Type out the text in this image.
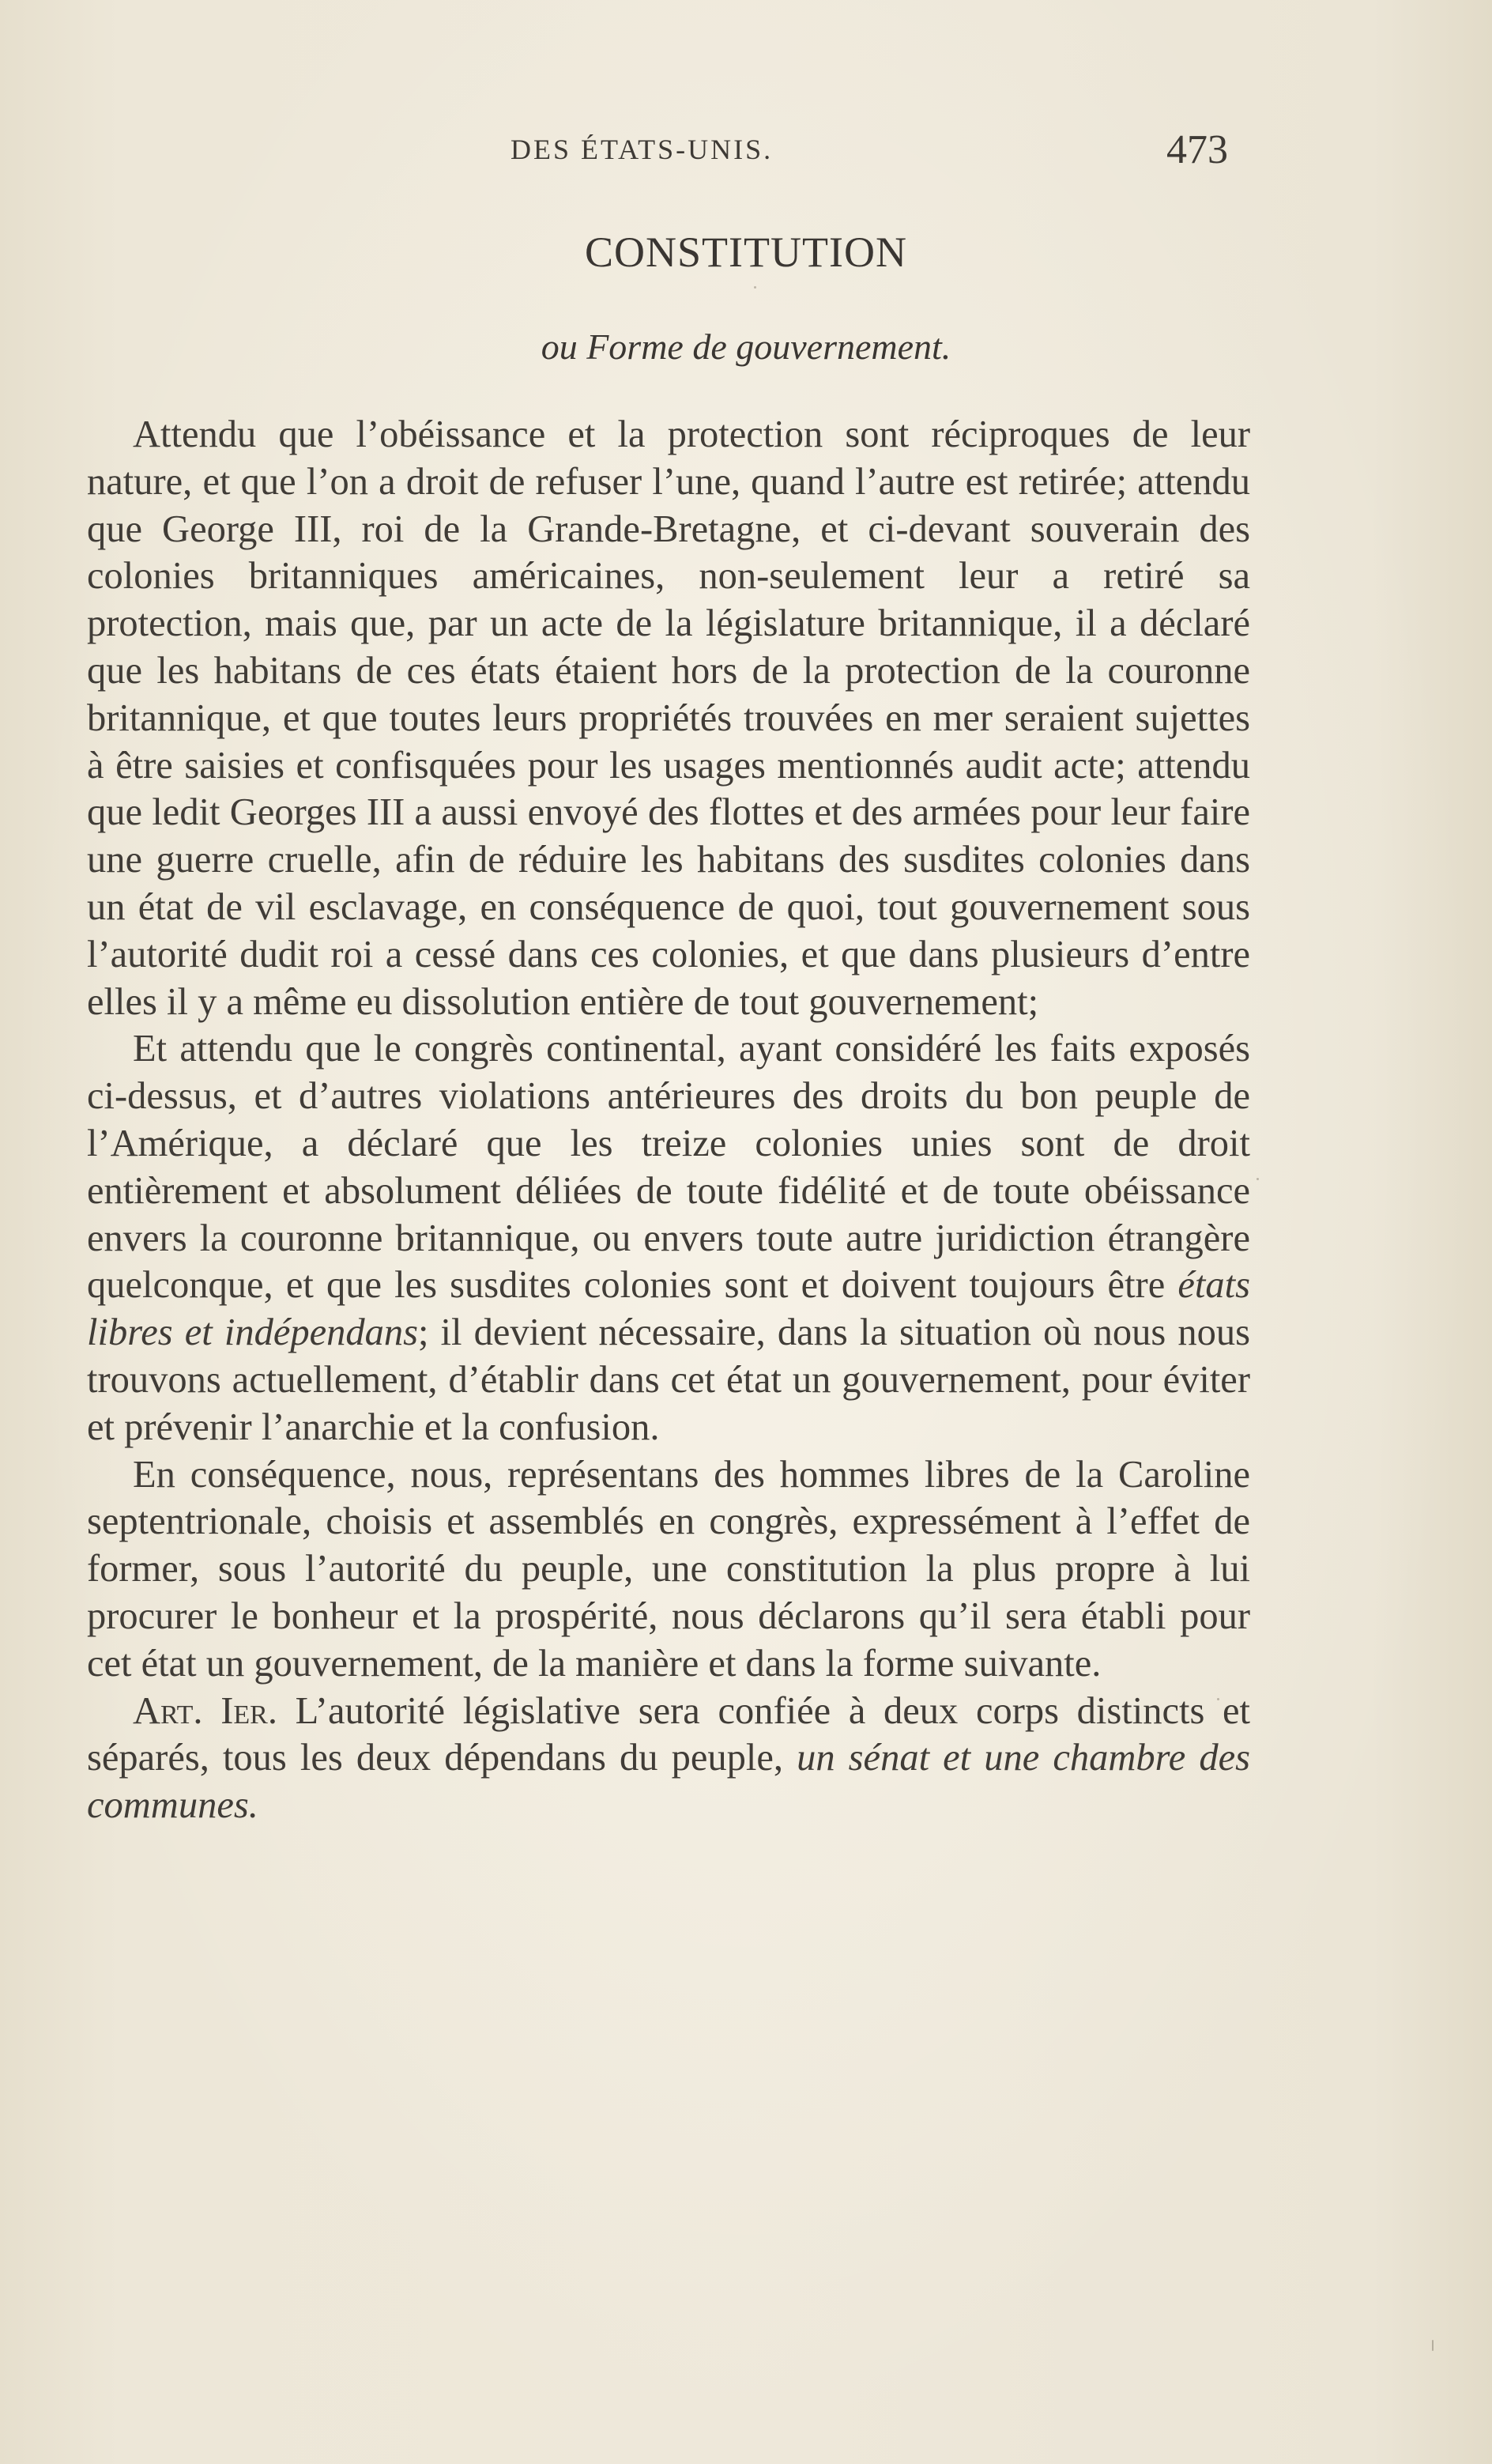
DES ÉTATS-UNIS.	473
CONSTITUTION
ou Forme de gouvernement.

Attendu que l’obéissance et la protection sont réciproques de leur nature, et que l’on a droit de refuser l’une, quand l’autre est retirée; attendu que George III, roi de la Grande-Bretagne, et ci-devant souverain des colonies britanniques américaines, non-seulement leur a retiré sa protection, mais que, par un acte de la législature britannique, il a déclaré que les habitans de ces états étaient hors de la protection de la couronne britannique, et que toutes leurs propriétés trouvées en mer seraient sujettes à être saisies et confisquées pour les usages mentionnés audit acte; attendu que ledit Georges III a aussi envoyé des flottes et des armées pour leur faire une guerre cruelle, afin de réduire les habitans des susdites colonies dans un état de vil esclavage, en conséquence de quoi, tout gouvernement sous l’autorité dudit roi a cessé dans ces colonies, et que dans plusieurs d’entre elles il y a même eu dissolution entière de tout gouvernement;

Et attendu que le congrès continental, ayant considéré les faits exposés ci-dessus, et d’autres violations antérieures des droits du bon peuple de l’Amérique, a déclaré que les treize colonies unies sont de droit entièrement et absolument déliées de toute fidélité et de toute obéissance envers la couronne britannique, ou envers toute autre juridiction étrangère quelconque, et que les susdites colonies sont et doivent toujours être états libres et indépendans; il devient nécessaire, dans la situation où nous nous trouvons actuellement, d’établir dans cet état un gouvernement, pour éviter et prévenir l’anarchie et la confusion.

En conséquence, nous, représentans des hommes libres de la Caroline septentrionale, choisis et assemblés en congrès, expressément à l’effet de former, sous l’autorité du peuple, une constitution la plus propre à lui procurer le bonheur et la prospérité, nous déclarons qu’il sera établi pour cet état un gouvernement, de la manière et dans la forme suivante.

Art. Ier. L’autorité législative sera confiée à deux corps distincts et séparés, tous les deux dépendans du peuple, un sénat et une chambre des communes.
